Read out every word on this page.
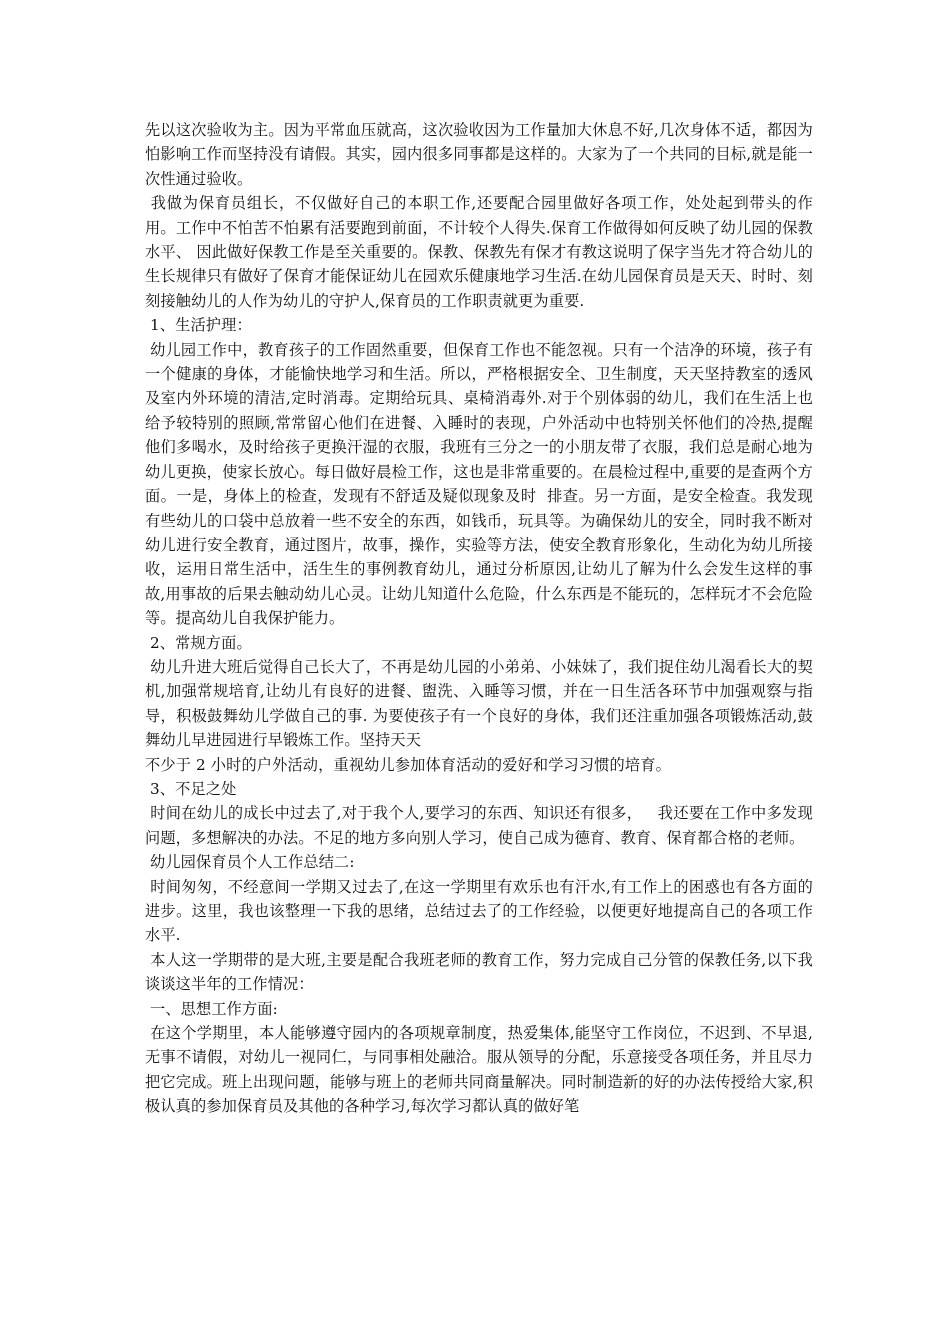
先以这次验收为主。因为平常血压就高，这次验收因为工作量加大休息不好,几次身体不适，都因为怕影响工作而坚持没有请假。其实，园内很多同事都是这样的。大家为了一个共同的目标,就是能一次性通过验收。

我做为保育员组长，不仅做好自己的本职工作,还要配合园里做好各项工作，处处起到带头的作用。工作中不怕苦不怕累有活要跑到前面，不计较个人得失.保育工作做得如何反映了幼儿园的保教水平、 因此做好保教工作是至关重要的。保教、保教先有保才有教这说明了保字当先才符合幼儿的生长规律只有做好了保育才能保证幼儿在园欢乐健康地学习生活.在幼儿园保育员是天天、时时、刻刻接触幼儿的人作为幼儿的守护人,保育员的工作职责就更为重要.

1、生活护理：

幼儿园工作中，教育孩子的工作固然重要，但保育工作也不能忽视。只有一个洁净的环境，孩子有一个健康的身体，才能愉快地学习和生活。所以，严格根据安全、卫生制度，天天坚持教室的透风及室内外环境的清洁,定时消毒。定期给玩具、桌椅消毒外.对于个别体弱的幼儿，我们在生活上也给予较特别的照顾,常常留心他们在进餐、入睡时的表现，户外活动中也特别关怀他们的冷热,提醒他们多喝水，及时给孩子更换汗湿的衣服，我班有三分之一的小朋友带了衣服，我们总是耐心地为幼儿更换，使家长放心。每日做好晨检工作，这也是非常重要的。在晨检过程中,重要的是查两个方面。一是，身体上的检查，发现有不舒适及疑似现象及时  排查。另一方面，是安全检查。我发现有些幼儿的口袋中总放着一些不安全的东西，如钱币，玩具等。为确保幼儿的安全，同时我不断对幼儿进行安全教育，通过图片，故事，操作，实验等方法，使安全教育形象化，生动化为幼儿所接收，运用日常生活中，活生生的事例教育幼儿，通过分析原因,让幼儿了解为什么会发生这样的事故,用事故的后果去触动幼儿心灵。让幼儿知道什么危险，什么东西是不能玩的，怎样玩才不会危险等。提高幼儿自我保护能力。

2、常规方面。

幼儿升进大班后觉得自己长大了，不再是幼儿园的小弟弟、小妹妹了，我们捉住幼儿渴看长大的契机,加强常规培育,让幼儿有良好的进餐、盥洗、入睡等习惯，并在一日生活各环节中加强观察与指导，积极鼓舞幼儿学做自己的事. 为要使孩子有一个良好的身体，我们还注重加强各项锻炼活动,鼓舞幼儿早进园进行早锻炼工作。坚持天天

不少于 2 小时的户外活动，重视幼儿参加体育活动的爱好和学习习惯的培育。

3、不足之处

时间在幼儿的成长中过去了,对于我个人,要学习的东西、知识还有很多，   我还要在工作中多发现问题，多想解决的办法。不足的地方多向别人学习，使自己成为德育、教育、保育都合格的老师。

幼儿园保育员个人工作总结二:

时间匆匆，不经意间一学期又过去了,在这一学期里有欢乐也有汗水,有工作上的困惑也有各方面的进步。这里，我也该整理一下我的思绪，总结过去了的工作经验，以便更好地提高自己的各项工作水平.

本人这一学期带的是大班,主要是配合我班老师的教育工作，努力完成自己分管的保教任务,以下我谈谈这半年的工作情况：

一、思想工作方面:

在这个学期里，本人能够遵守园内的各项规章制度，热爱集体,能坚守工作岗位，不迟到、不早退,无事不请假，对幼儿一视同仁，与同事相处融洽。服从领导的分配，乐意接受各项任务，并且尽力把它完成。班上出现问题，能够与班上的老师共同商量解决。同时制造新的好的办法传授给大家,积极认真的参加保育员及其他的各种学习,每次学习都认真的做好笔
